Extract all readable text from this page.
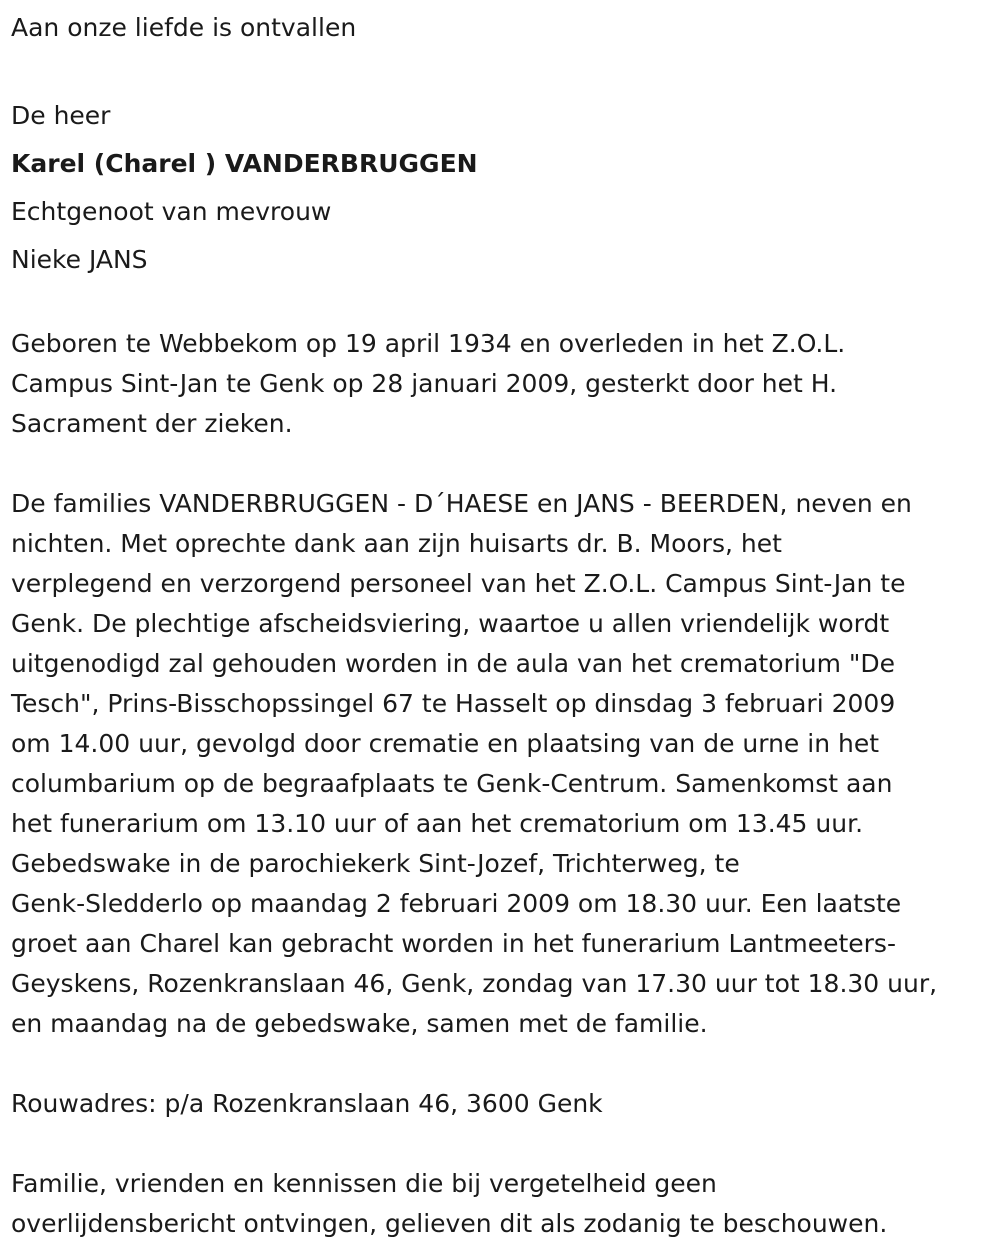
Aan onze liefde is ontvallen
De heer
Karel (Charel ) VANDERBRUGGEN
Echtgenoot van mevrouw
Nieke JANS
Geboren te Webbekom op 19 april 1934 en overleden in het Z.O.L.
Campus Sint-Jan te Genk op 28 januari 2009, gesterkt door het H.
Sacrament der zieken.
De families VANDERBRUGGEN - D´HAESE en JANS - BEERDEN, neven en
nichten. Met oprechte dank aan zijn huisarts dr. B. Moors, het
verplegend en verzorgend personeel van het Z.O.L. Campus Sint-Jan te
Genk. De plechtige afscheidsviering, waartoe u allen vriendelijk wordt
uitgenodigd zal gehouden worden in de aula van het crematorium "De
Tesch", Prins-Bisschopssingel 67 te Hasselt op dinsdag 3 februari 2009
om 14.00 uur, gevolgd door crematie en plaatsing van de urne in het
columbarium op de begraafplaats te Genk-Centrum. Samenkomst aan
het funerarium om 13.10 uur of aan het crematorium om 13.45 uur.
Gebedswake in de parochiekerk Sint-Jozef, Trichterweg, te
Genk-Sledderlo op maandag 2 februari 2009 om 18.30 uur. Een laatste
groet aan Charel kan gebracht worden in het funerarium Lantmeeters-
Geyskens, Rozenkranslaan 46, Genk, zondag van 17.30 uur tot 18.30 uur,
en maandag na de gebedswake, samen met de familie.
Rouwadres: p/a Rozenkranslaan 46, 3600 Genk
Familie, vrienden en kennissen die bij vergetelheid geen
overlijdensbericht ontvingen, gelieven dit als zodanig te beschouwen.
